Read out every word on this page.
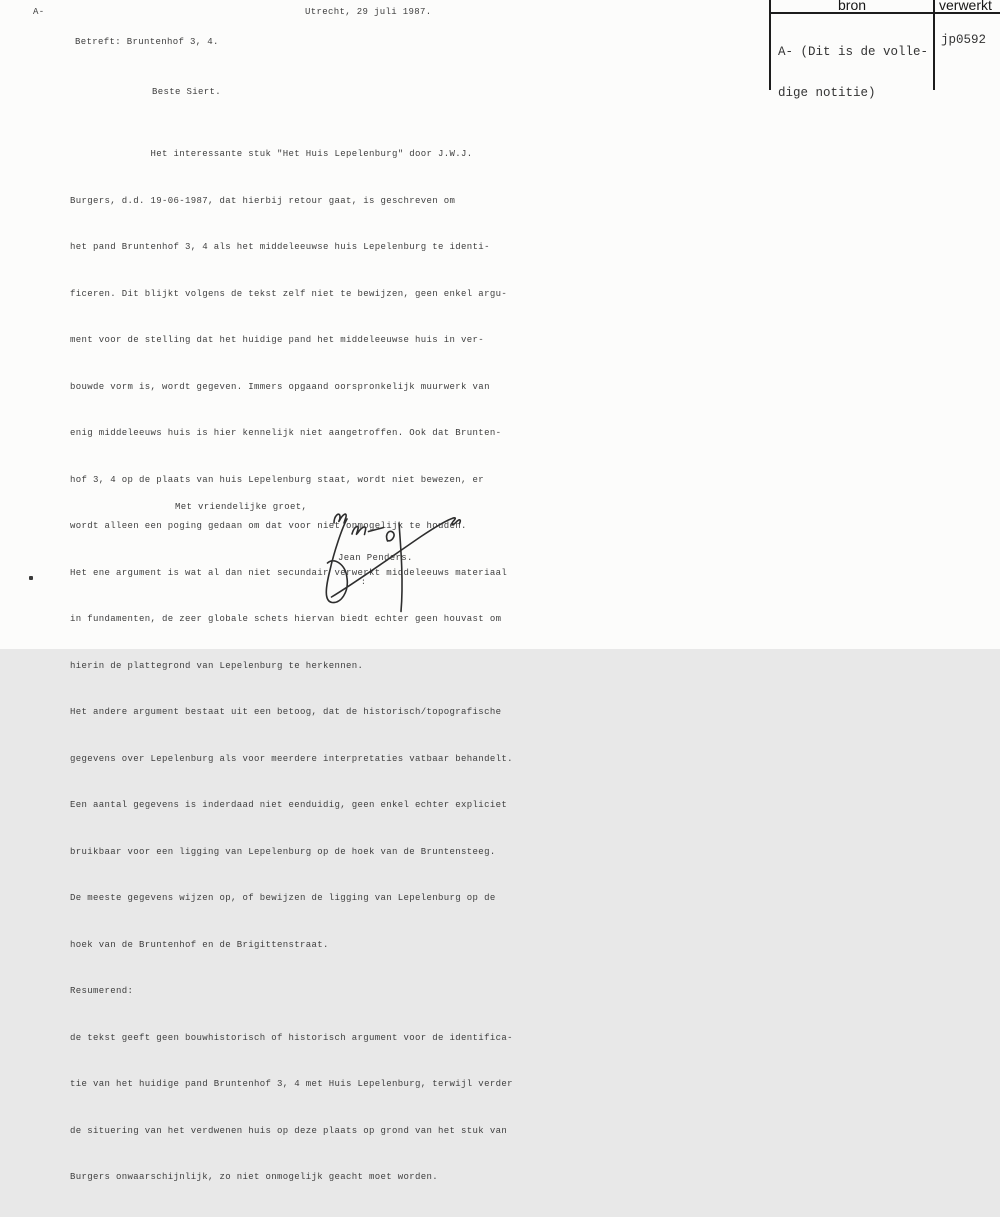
A-	Utrecht, 29 juli 1987.	bron	verwerkt

A- (Dit is de volle-

dige notitie)

jp0592
Betreft: Bruntenhof 3, 4.
Beste Siert.

Het interessante stuk "Het Huis Lepelenburg" door J.W.J.

Burgers, d.d. 19-06-1987, dat hierbij retour gaat, is geschreven om

het pand Bruntenhof 3, 4 als het middeleeuwse huis Lepelenburg te identi-

ficeren. Dit blijkt volgens de tekst zelf niet te bewijzen, geen enkel argu-

ment voor de stelling dat het huidige pand het middeleeuwse huis in ver-

bouwde vorm is, wordt gegeven. Immers opgaand oorspronkelijk muurwerk van

enig middeleeuws huis is hier kennelijk niet aangetroffen. Ook dat Brunten-

hof 3, 4 op de plaats van huis Lepelenburg staat, wordt niet bewezen, er

wordt alleen een poging gedaan om dat voor niet onmogelijk te houden.

Het ene argument is wat al dan niet secundair verwerkt middeleeuws materiaal

in fundamenten, de zeer globale schets hiervan biedt echter geen houvast om

hierin de plattegrond van Lepelenburg te herkennen.

Het andere argument bestaat uit een betoog, dat de historisch/topografische

gegevens over Lepelenburg als voor meerdere interpretaties vatbaar behandelt.

Een aantal gegevens is inderdaad niet eenduidig, geen enkel echter expliciet

bruikbaar voor een ligging van Lepelenburg op de hoek van de Bruntensteeg.

De meeste gegevens wijzen op, of bewijzen de ligging van Lepelenburg op de

hoek van de Bruntenhof en de Brigittenstraat.

Resumerend:

de tekst geeft geen bouwhistorisch of historisch argument voor de identifica-

tie van het huidige pand Bruntenhof 3, 4 met Huis Lepelenburg, terwijl verder

de situering van het verdwenen huis op deze plaats op grond van het stuk van

Burgers onwaarschijnlijk, zo niet onmogelijk geacht moet worden.

Met vriendelijke groet,
Jean Penders.
:
